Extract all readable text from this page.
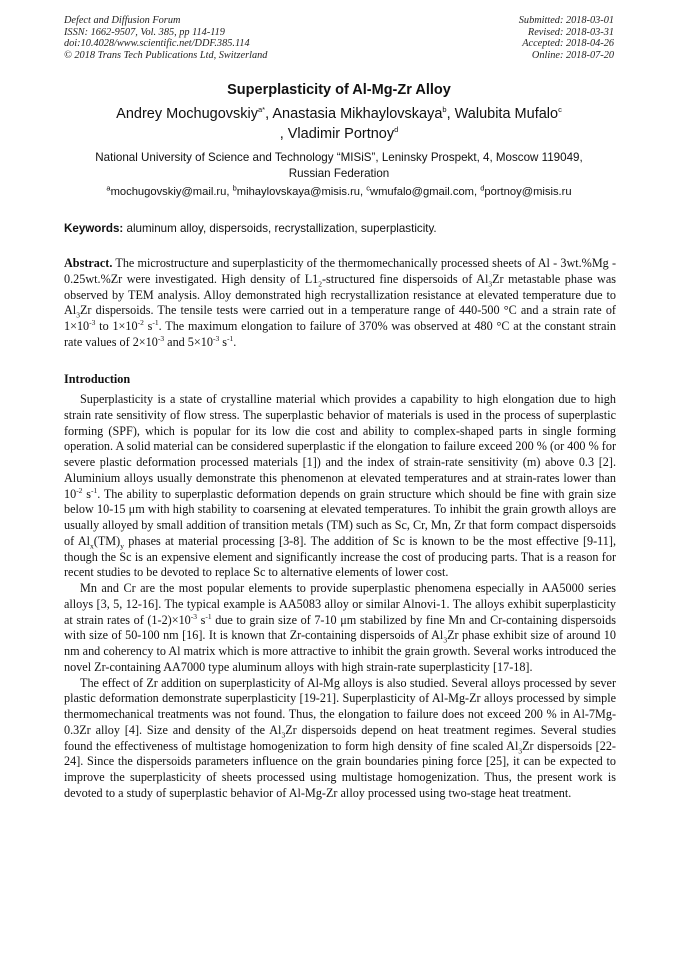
Defect and Diffusion Forum
ISSN: 1662-9507, Vol. 385, pp 114-119
doi:10.4028/www.scientific.net/DDF.385.114
© 2018 Trans Tech Publications Ltd, Switzerland
Submitted: 2018-03-01
Revised: 2018-03-31
Accepted: 2018-04-26
Online: 2018-07-20
Superplasticity of Al-Mg-Zr Alloy
Andrey Mochugovskiy$^{a*}$, Anastasia Mikhaylovskaya$^b$, Walubita Mufalo$^c$
, Vladimir Portnoy$^d$
National University of Science and Technology “MISiS”, Leninsky Prospekt, 4, Moscow 119049,
Russian Federation
$^a$mochugovskiy@mail.ru, $^b$mihaylovskaya@misis.ru, $^c$wmufalo@gmail.com, $^d$portnoy@misis.ru
Keywords: aluminum alloy, dispersoids, recrystallization, superplasticity.
Abstract. The microstructure and superplasticity of the thermomechanically processed sheets of Al - 3wt.%Mg - 0.25wt.%Zr were investigated. High density of $L1_2$-structured fine dispersoids of $Al_3Zr$ metastable phase was observed by TEM analysis. Alloy demonstrated high recrystallization resistance at elevated temperature due to $Al_3Zr$ dispersoids. The tensile tests were carried out in a temperature range of 440-500 °C and a strain rate of $1\times 10^{-3}$ to $1\times 10^{-2}$ $s^{-1}$. The maximum elongation to failure of 370% was observed at 480 °C at the constant strain rate values of $2\times 10^{-3}$ and $5\times 10^{-3}$ $s^{-1}$.
Introduction

Superplasticity is a state of crystalline material which provides a capability to high elongation due to high strain rate sensitivity of flow stress. The superplastic behavior of materials is used in the process of superplastic forming (SPF), which is popular for its low die cost and ability to complex-shaped parts in single forming operation. A solid material can be considered superplastic if the elongation to failure exceed 200 % (or 400 % for severe plastic deformation processed materials [1]) and the index of strain-rate sensitivity (m) above 0.3 [2]. Aluminium alloys usually demonstrate this phenomenon at elevated temperatures and at strain-rates lower than $10^{-2}$ $s^{-1}$. The ability to superplastic deformation depends on grain structure which should be fine with grain size below 10-15 μm with high stability to coarsening at elevated temperatures. To inhibit the grain growth alloys are usually alloyed by small addition of transition metals (TM) such as Sc, Cr, Mn, Zr that form compact dispersoids of $Al_x(TM)_y$ phases at material processing [3-8]. The addition of Sc is known to be the most effective [9-11], though the Sc is an expensive element and significantly increase the cost of producing parts. That is a reason for recent studies to be devoted to replace Sc to alternative elements of lower cost.

Mn and Cr are the most popular elements to provide superplastic phenomena especially in AA5000 series alloys [3, 5, 12-16]. The typical example is AA5083 alloy or similar Alnovi-1. The alloys exhibit superplasticity at strain rates of $(1-2)\times 10^{-3}$ $s^{-1}$ due to grain size of 7-10 μm stabilized by fine Mn and Cr-containing dispersoids with size of 50-100 nm [16]. It is known that Zr-containing dispersoids of $Al_3Zr$ phase exhibit size of around 10 nm and coherency to Al matrix which is more attractive to inhibit the grain growth. Several works introduced the novel Zr-containing AA7000 type aluminum alloys with high strain-rate superplasticity [17-18].

The effect of Zr addition on superplasticity of Al-Mg alloys is also studied. Several alloys processed by sever plastic deformation demonstrate superplasticity [19-21]. Superplasticity of Al-Mg-Zr alloys processed by simple thermomechanical treatments was not found. Thus, the elongation to failure does not exceed 200 % in Al-7Mg-0.3Zr alloy [4]. Size and density of the $Al_3Zr$ dispersoids depend on heat treatment regimes. Several studies found the effectiveness of multistage homogenization to form high density of fine scaled $Al_3Zr$ dispersoids [22-24]. Since the dispersoids parameters influence on the grain boundaries pining force [25], it can be expected to improve the superplasticity of sheets processed using multistage homogenization. Thus, the present work is devoted to a study of superplastic behavior of Al-Mg-Zr alloy processed using two-stage heat treatment.
